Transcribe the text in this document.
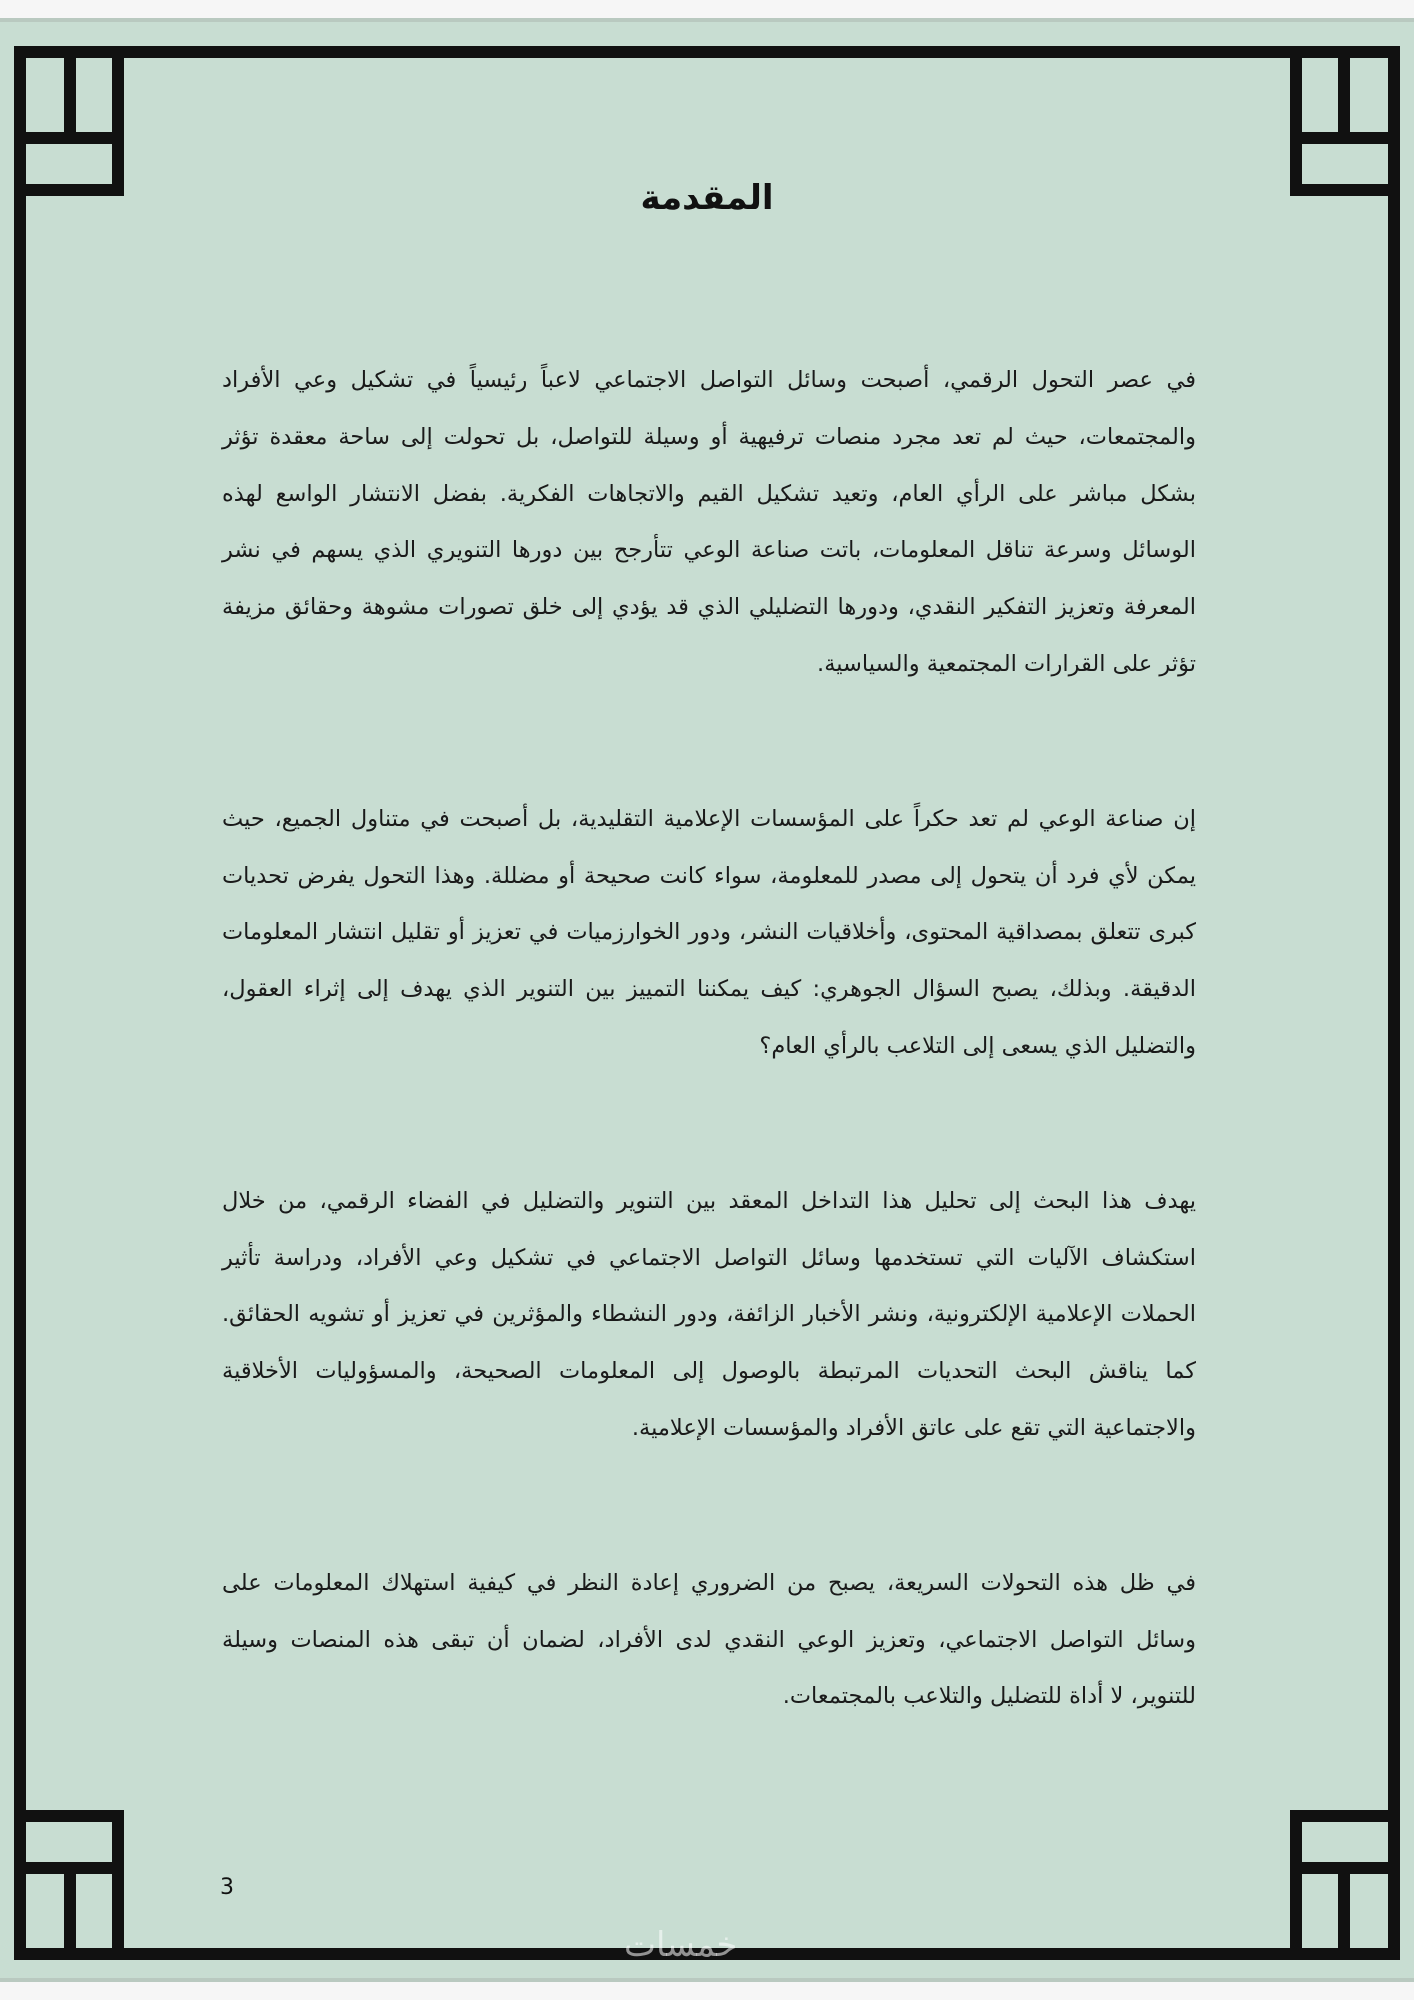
المقدمة

في عصر التحول الرقمي، أصبحت وسائل التواصل الاجتماعي لاعباً رئيسياً في تشكيل وعي الأفراد والمجتمعات، حيث لم تعد مجرد منصات ترفيهية أو وسيلة للتواصل، بل تحولت إلى ساحة معقدة تؤثر بشكل مباشر على الرأي العام، وتعيد تشكيل القيم والاتجاهات الفكرية. بفضل الانتشار الواسع لهذه الوسائل وسرعة تناقل المعلومات، باتت صناعة الوعي تتأرجح بين دورها التنويري الذي يسهم في نشر المعرفة وتعزيز التفكير النقدي، ودورها التضليلي الذي قد يؤدي إلى خلق تصورات مشوهة وحقائق مزيفة تؤثر على القرارات المجتمعية والسياسية.

إن صناعة الوعي لم تعد حكراً على المؤسسات الإعلامية التقليدية، بل أصبحت في متناول الجميع، حيث يمكن لأي فرد أن يتحول إلى مصدر للمعلومة، سواء كانت صحيحة أو مضللة. وهذا التحول يفرض تحديات كبرى تتعلق بمصداقية المحتوى، وأخلاقيات النشر، ودور الخوارزميات في تعزيز أو تقليل انتشار المعلومات الدقيقة. وبذلك، يصبح السؤال الجوهري: كيف يمكننا التمييز بين التنوير الذي يهدف إلى إثراء العقول، والتضليل الذي يسعى إلى التلاعب بالرأي العام؟

يهدف هذا البحث إلى تحليل هذا التداخل المعقد بين التنوير والتضليل في الفضاء الرقمي، من خلال استكشاف الآليات التي تستخدمها وسائل التواصل الاجتماعي في تشكيل وعي الأفراد، ودراسة تأثير الحملات الإعلامية الإلكترونية، ونشر الأخبار الزائفة، ودور النشطاء والمؤثرين في تعزيز أو تشويه الحقائق. كما يناقش البحث التحديات المرتبطة بالوصول إلى المعلومات الصحيحة، والمسؤوليات الأخلاقية والاجتماعية التي تقع على عاتق الأفراد والمؤسسات الإعلامية.

في ظل هذه التحولات السريعة، يصبح من الضروري إعادة النظر في كيفية استهلاك المعلومات على وسائل التواصل الاجتماعي، وتعزيز الوعي النقدي لدى الأفراد، لضمان أن تبقى هذه المنصات وسيلة للتنوير، لا أداة للتضليل والتلاعب بالمجتمعات.

3
خمسات
